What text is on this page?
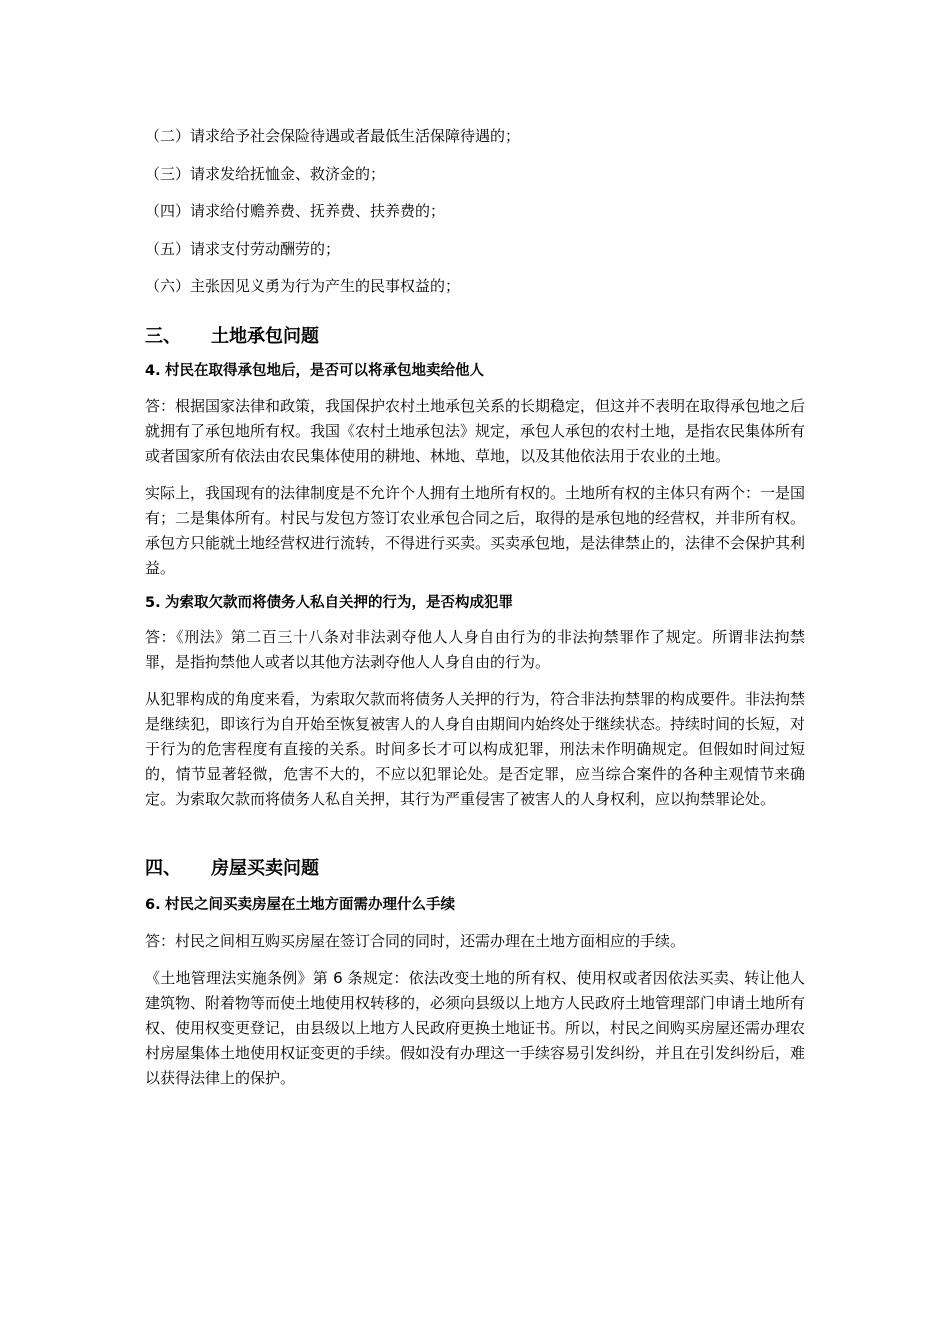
（二）请求给予社会保险待遇或者最低生活保障待遇的；
（三）请求发给抚恤金、救济金的；
（四）请求给付赡养费、抚养费、扶养费的；
（五）请求支付劳动酬劳的；
（六）主张因见义勇为行为产生的民事权益的；
三、 土地承包问题
4. 村民在取得承包地后，是否可以将承包地卖给他人

答：根据国家法律和政策，我国保护农村土地承包关系的长期稳定，但这并不表明在取得承包地之后就拥有了承包地所有权。我国《农村土地承包法》规定，承包人承包的农村土地，是指农民集体所有或者国家所有依法由农民集体使用的耕地、林地、草地，以及其他依法用于农业的土地。

实际上，我国现有的法律制度是不允许个人拥有土地所有权的。土地所有权的主体只有两个：一是国有；二是集体所有。村民与发包方签订农业承包合同之后，取得的是承包地的经营权，并非所有权。承包方只能就土地经营权进行流转，不得进行买卖。买卖承包地，是法律禁止的，法律不会保护其利益。

5. 为索取欠款而将债务人私自关押的行为，是否构成犯罪

答：《刑法》第二百三十八条对非法剥夺他人人身自由行为的非法拘禁罪作了规定。所谓非法拘禁罪，是指拘禁他人或者以其他方法剥夺他人人身自由的行为。

从犯罪构成的角度来看，为索取欠款而将债务人关押的行为，符合非法拘禁罪的构成要件。非法拘禁是继续犯，即该行为自开始至恢复被害人的人身自由期间内始终处于继续状态。持续时间的长短，对于行为的危害程度有直接的关系。时间多长才可以构成犯罪，刑法未作明确规定。但假如时间过短的，情节显著轻微，危害不大的，不应以犯罪论处。是否定罪，应当综合案件的各种主观情节来确定。为索取欠款而将债务人私自关押，其行为严重侵害了被害人的人身权利，应以拘禁罪论处。

四、 房屋买卖问题
6. 村民之间买卖房屋在土地方面需办理什么手续

答：村民之间相互购买房屋在签订合同的同时，还需办理在土地方面相应的手续。

《土地管理法实施条例》第 6 条规定：依法改变土地的所有权、使用权或者因依法买卖、转让他人建筑物、附着物等而使土地使用权转移的，必须向县级以上地方人民政府土地管理部门申请土地所有权、使用权变更登记，由县级以上地方人民政府更换土地证书。所以，村民之间购买房屋还需办理农村房屋集体土地使用权证变更的手续。假如没有办理这一手续容易引发纠纷，并且在引发纠纷后，难以获得法律上的保护。
